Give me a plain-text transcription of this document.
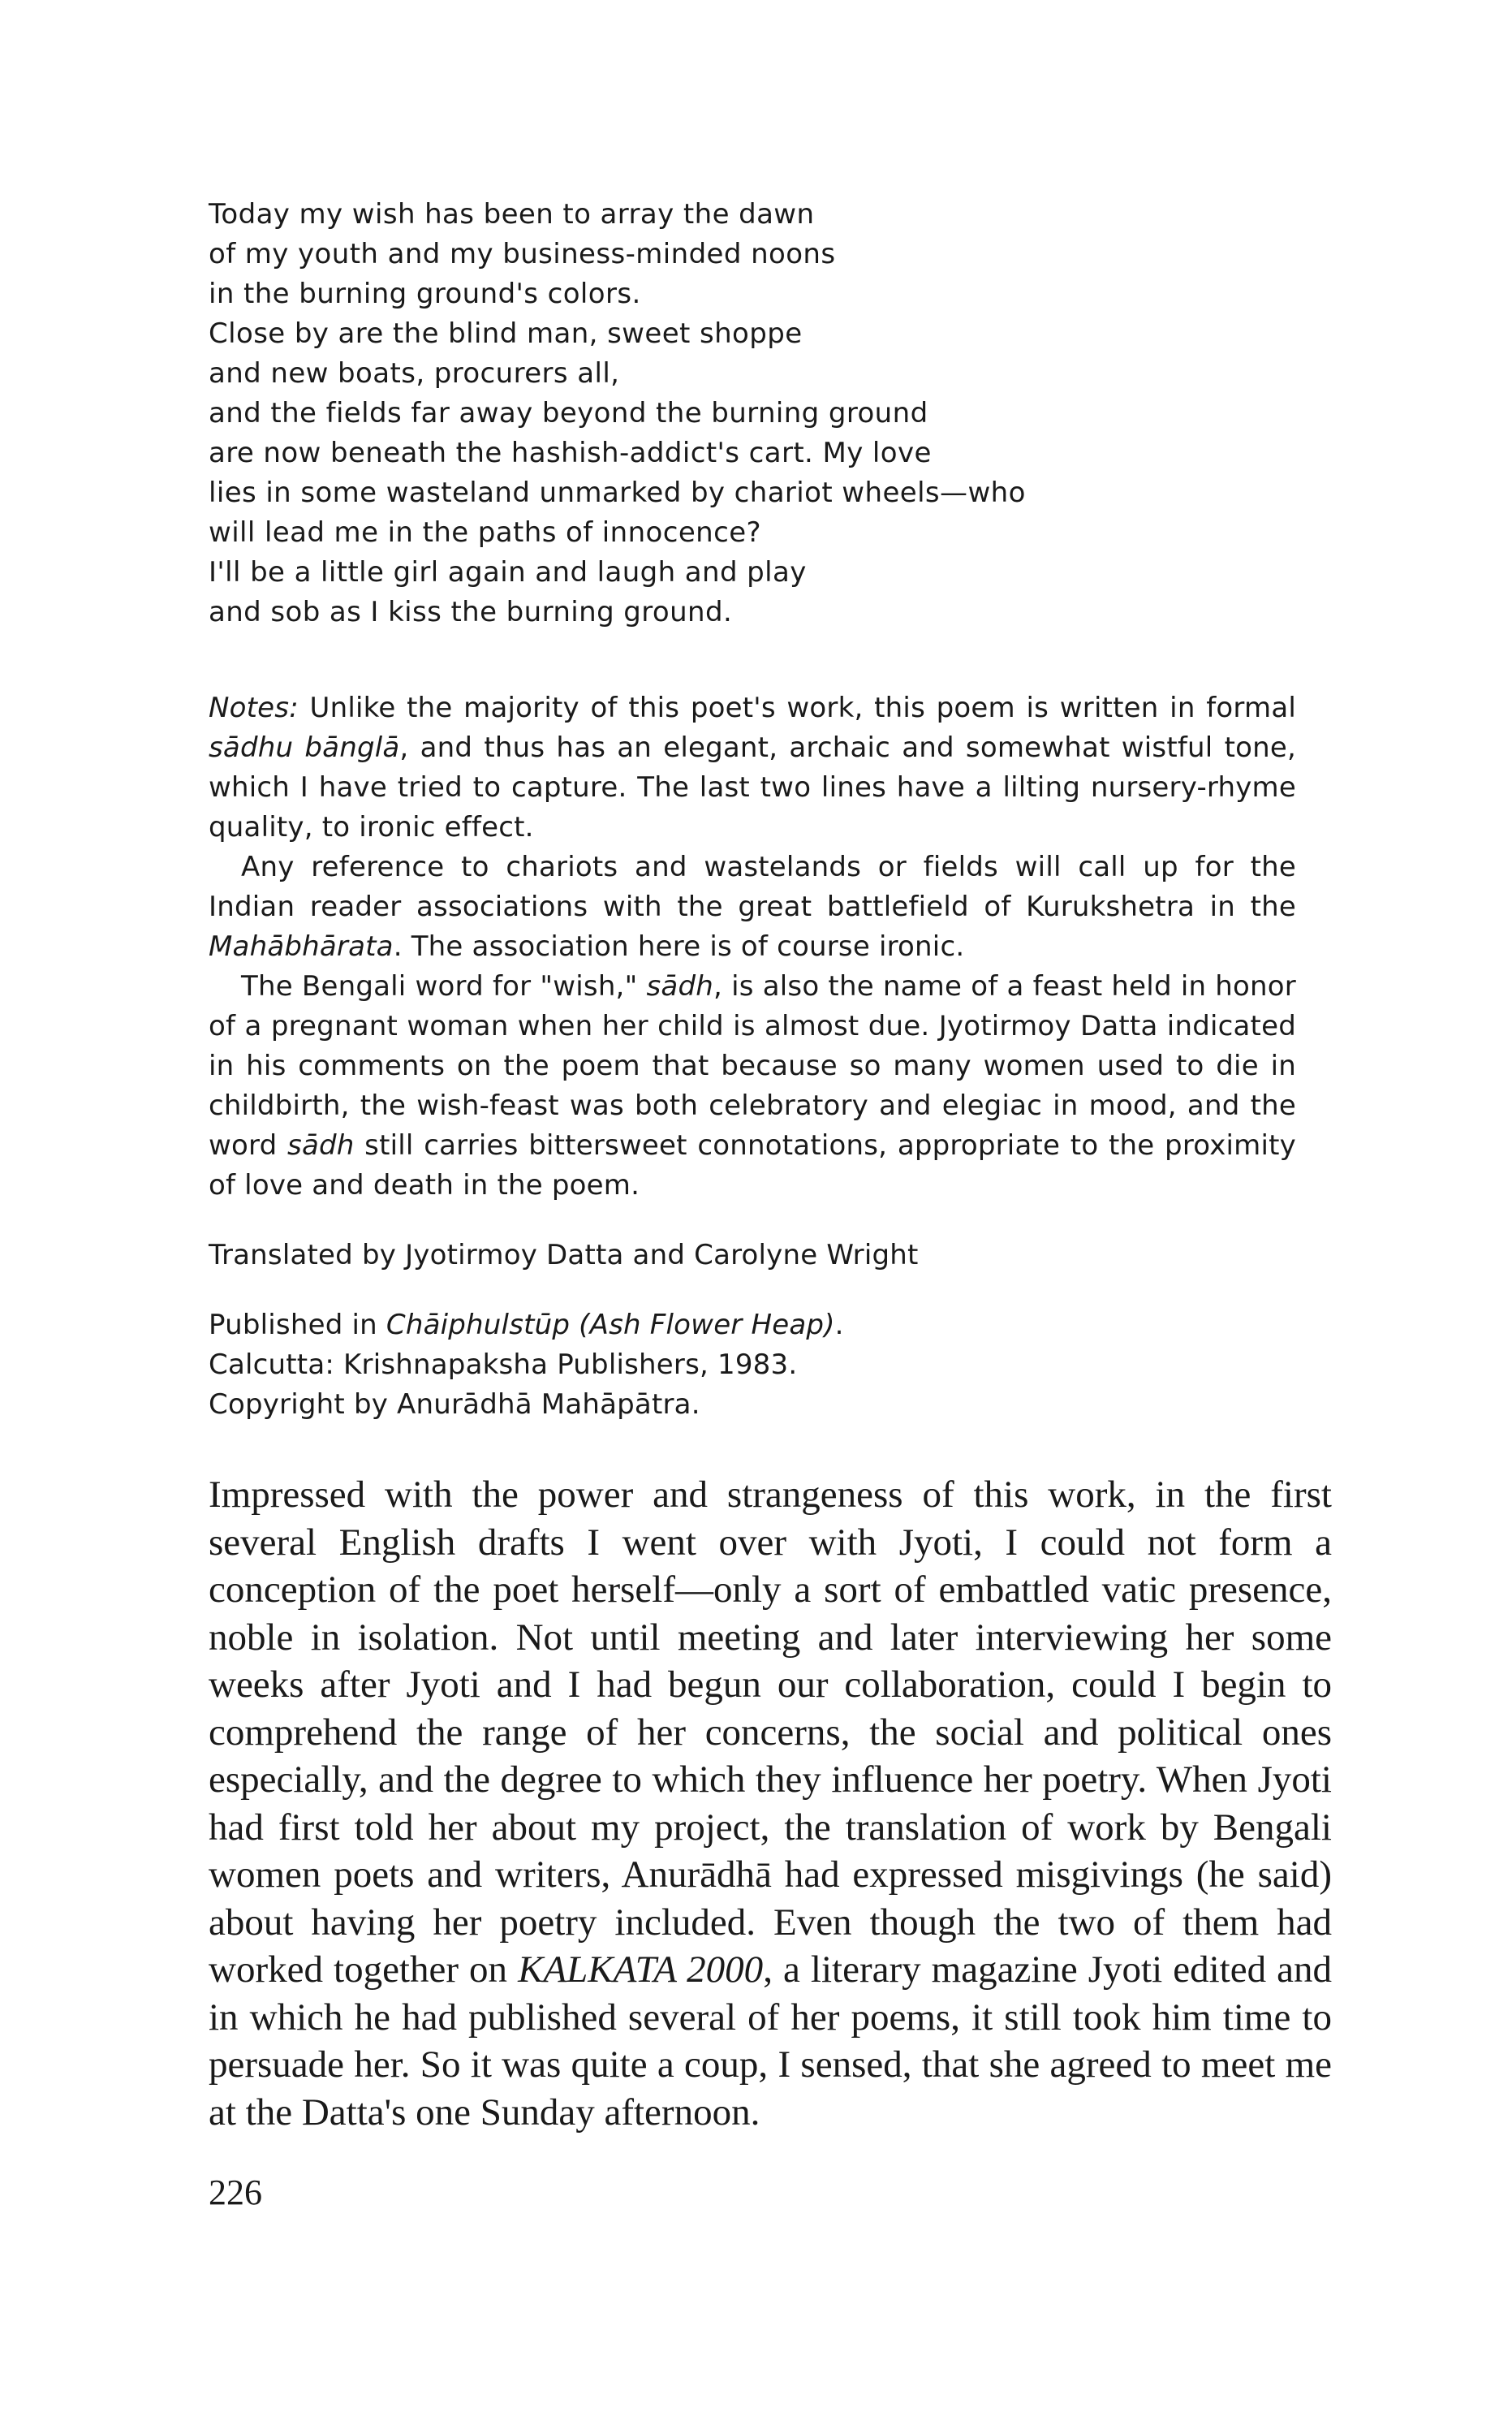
Today my wish has been to array the dawn
of my youth and my business-minded noons
in the burning ground's colors.
Close by are the blind man, sweet shoppe
and new boats, procurers all,
and the fields far away beyond the burning ground
are now beneath the hashish-addict's cart. My love
lies in some wasteland unmarked by chariot wheels—who
will lead me in the paths of innocence?
I'll be a little girl again and laugh and play
and sob as I kiss the burning ground.

Notes: Unlike the majority of this poet's work, this poem is written in formal sādhu bānglā, and thus has an elegant, archaic and somewhat wistful tone, which I have tried to capture. The last two lines have a lilting nursery-rhyme quality, to ironic effect.

Any reference to chariots and wastelands or fields will call up for the Indian reader associations with the great battlefield of Kurukshetra in the Mahābhārata. The association here is of course ironic.

The Bengali word for "wish," sādh, is also the name of a feast held in honor of a pregnant woman when her child is almost due. Jyotirmoy Datta indicated in his comments on the poem that because so many women used to die in childbirth, the wish-feast was both celebratory and elegiac in mood, and the word sādh still carries bittersweet connotations, appropriate to the proximity of love and death in the poem.

Translated by Jyotirmoy Datta and Carolyne Wright
Published in Chāiphulstūp (Ash Flower Heap).
Calcutta: Krishnapaksha Publishers, 1983.
Copyright by Anurādhā Mahāpātra.

Impressed with the power and strangeness of this work, in the first several English drafts I went over with Jyoti, I could not form a conception of the poet herself—only a sort of embattled vatic presence, noble in isolation. Not until meeting and later interviewing her some weeks after Jyoti and I had begun our collaboration, could I begin to comprehend the range of her concerns, the social and political ones especially, and the degree to which they influence her poetry. When Jyoti had first told her about my project, the translation of work by Bengali women poets and writers, Anurādhā had expressed misgivings (he said) about having her poetry included. Even though the two of them had worked together on KALKATA 2000, a literary magazine Jyoti edited and in which he had published several of her poems, it still took him time to persuade her. So it was quite a coup, I sensed, that she agreed to meet me at the Datta's one Sunday afternoon.

226
